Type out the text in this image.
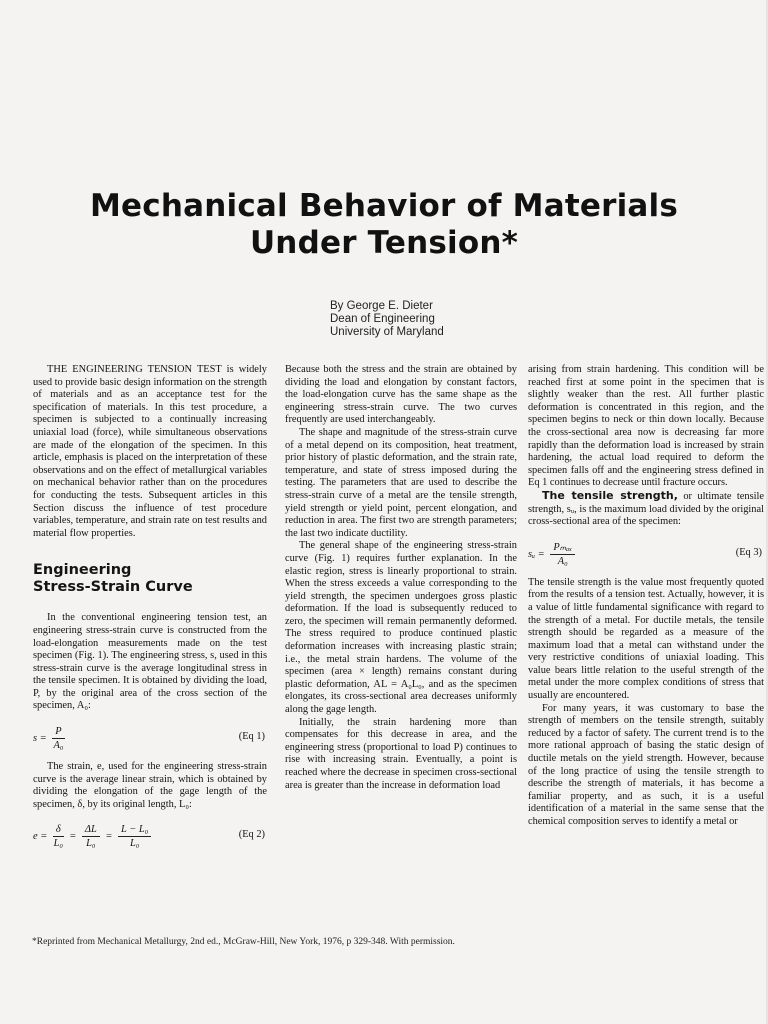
Mechanical Behavior of Materials
Under Tension*
By George E. Dieter
Dean of Engineering
University of Maryland

THE ENGINEERING TENSION TEST is widely used to provide basic design information on the strength of materials and as an acceptance test for the specification of materials. In this test procedure, a specimen is subjected to a continually increasing uniaxial load (force), while simultaneous observations are made of the elongation of the specimen. In this article, emphasis is placed on the interpretation of these observations and on the effect of metallurgical variables on mechanical behavior rather than on the procedures for conducting the tests. Subsequent articles in this Section discuss the influence of test procedure variables, temperature, and strain rate on test results and material flow properties.

Engineering
Stress-Strain Curve

In the conventional engineering tension test, an engineering stress-strain curve is constructed from the load-elongation measurements made on the test specimen (Fig. 1). The engineering stress, s, used in this stress-strain curve is the average longitudinal stress in the tensile specimen. It is obtained by dividing the load, P, by the original area of the cross section of the specimen, A₀:

$s = \frac{P}{\text{A₀}}$	(Eq 1)

The strain, e, used for the engineering stress-strain curve is the average linear strain, which is obtained by dividing the elongation of the gage length of the specimen, δ, by its original length, L₀:

$e = \frac{\delta}{\text{L₀}} = \frac{\Delta L}{\text{L₀}} = \frac{\text{L − L₀}}{\text{L₀}}$	(Eq 2)

Because both the stress and the strain are obtained by dividing the load and elongation by constant factors, the load-elongation curve has the same shape as the engineering stress-strain curve. The two curves frequently are used interchangeably.

The shape and magnitude of the stress-strain curve of a metal depend on its composition, heat treatment, prior history of plastic deformation, and the strain rate, temperature, and state of stress imposed during the testing. The parameters that are used to describe the stress-strain curve of a metal are the tensile strength, yield strength or yield point, percent elongation, and reduction in area. The first two are strength parameters; the last two indicate ductility.

The general shape of the engineering stress-strain curve (Fig. 1) requires further explanation. In the elastic region, stress is linearly proportional to strain. When the stress exceeds a value corresponding to the yield strength, the specimen undergoes gross plastic deformation. If the load is subsequently reduced to zero, the specimen will remain permanently deformed. The stress required to produce continued plastic deformation increases with increasing plastic strain; i.e., the metal strain hardens. The volume of the specimen (area × length) remains constant during plastic deformation, AL = A₀L₀, and as the specimen elongates, its cross-sectional area decreases uniformly along the gage length.

Initially, the strain hardening more than compensates for this decrease in area, and the engineering stress (proportional to load P) continues to rise with increasing strain. Eventually, a point is reached where the decrease in specimen cross-sectional area is greater than the increase in deformation load

arising from strain hardening. This condition will be reached first at some point in the specimen that is slightly weaker than the rest. All further plastic deformation is concentrated in this region, and the specimen begins to neck or thin down locally. Because the cross-sectional area now is decreasing far more rapidly than the deformation load is increased by strain hardening, the actual load required to deform the specimen falls off and the engineering stress defined in Eq 1 continues to decrease until fracture occurs.

The tensile strength, or ultimate tensile strength, sᵤ, is the maximum load divided by the original cross-sectional area of the specimen:

sᵤ = $\frac{\text{Pₘₐₓ}}{\text{A₀}}$	(Eq 3)

The tensile strength is the value most frequently quoted from the results of a tension test. Actually, however, it is a value of little fundamental significance with regard to the strength of a metal. For ductile metals, the tensile strength should be regarded as a measure of the maximum load that a metal can withstand under the very restrictive conditions of uniaxial loading. This value bears little relation to the useful strength of the metal under the more complex conditions of stress that usually are encountered.

For many years, it was customary to base the strength of members on the tensile strength, suitably reduced by a factor of safety. The current trend is to the more rational approach of basing the static design of ductile metals on the yield strength. However, because of the long practice of using the tensile strength to describe the strength of materials, it has become a familiar property, and as such, it is a useful identification of a material in the same sense that the chemical composition serves to identify a metal or

*Reprinted from Mechanical Metallurgy, 2nd ed., McGraw-Hill, New York, 1976, p 329-348. With permission.
